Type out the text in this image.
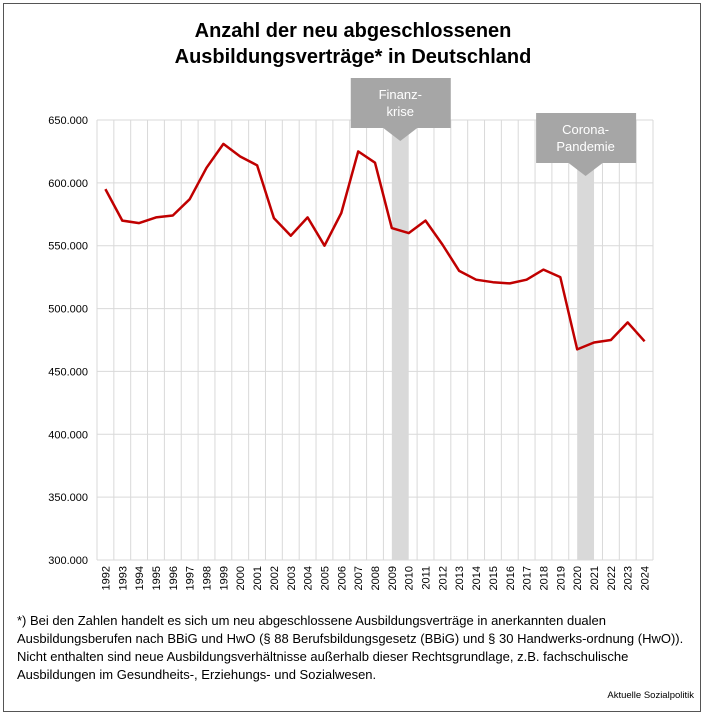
Anzahl der neu abgeschlossenen
Ausbildungsverträge* in Deutschland
300.000
350.000
400.000
450.000
500.000
550.000
600.000
650.000
Finanz-
krise
Corona-
Pandemie
1992 1993 1994 1995 1996 1997 1998 1999 2000 2001 2002 2003 2004 2005 2006 2007 2008 2009 2010 2011 2012 2013 2014 2015 2016 2017 2018 2019 2020 2021 2022 2023 2024
*) Bei den Zahlen handelt es sich um neu abgeschlossene Ausbildungsverträge in anerkannten dualen Ausbildungsberufen nach BBiG und HwO (§ 88 Berufsbildungsgesetz (BBiG) und § 30 Handwerks-ordnung (HwO)). Nicht enthalten sind neue Ausbildungsverhältnisse außerhalb dieser Rechtsgrundlage, z.B. fachschulische Ausbildungen im Gesundheits-, Erziehungs- und Sozialwesen.
Aktuelle Sozialpolitik
